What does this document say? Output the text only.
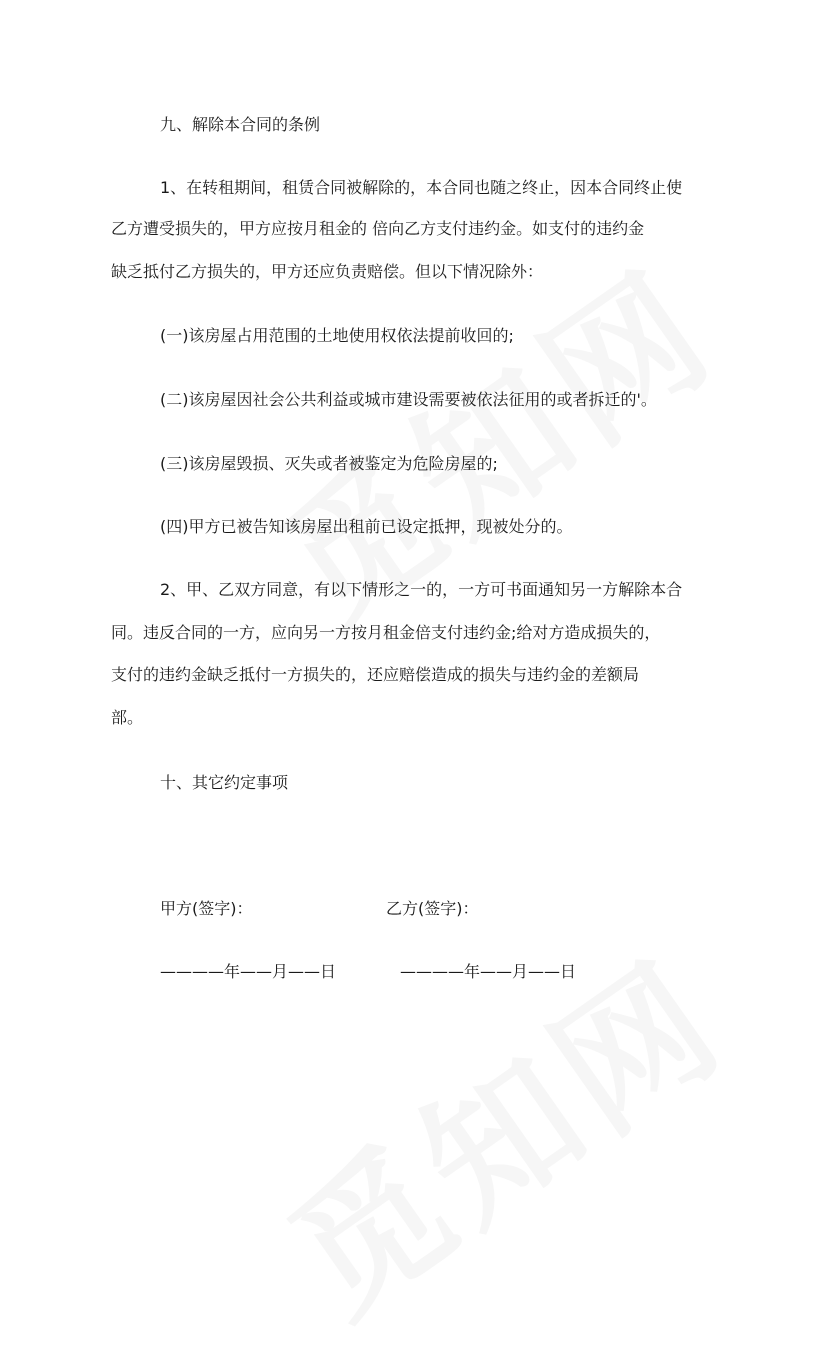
九、解除本合同的条例
1、在转租期间，租赁合同被解除的，本合同也随之终止，因本合同终止使
乙方遭受损失的，甲方应按月租金的 倍向乙方支付违约金。如支付的违约金
缺乏抵付乙方损失的，甲方还应负责赔偿。但以下情况除外：
(一)该房屋占用范围的土地使用权依法提前收回的;
(二)该房屋因社会公共利益或城市建设需要被依法征用的或者拆迁的'。
(三)该房屋毁损、灭失或者被鉴定为危险房屋的;
(四)甲方已被告知该房屋出租前已设定抵押，现被处分的。
2、甲、乙双方同意，有以下情形之一的，一方可书面通知另一方解除本合
同。违反合同的一方，应向另一方按月租金倍支付违约金;给对方造成损失的，
支付的违约金缺乏抵付一方损失的，还应赔偿造成的损失与违约金的差额局
部。
十、其它约定事项
甲方(签字)：	乙方(签字)：
————年——月——日	————年——月——日
